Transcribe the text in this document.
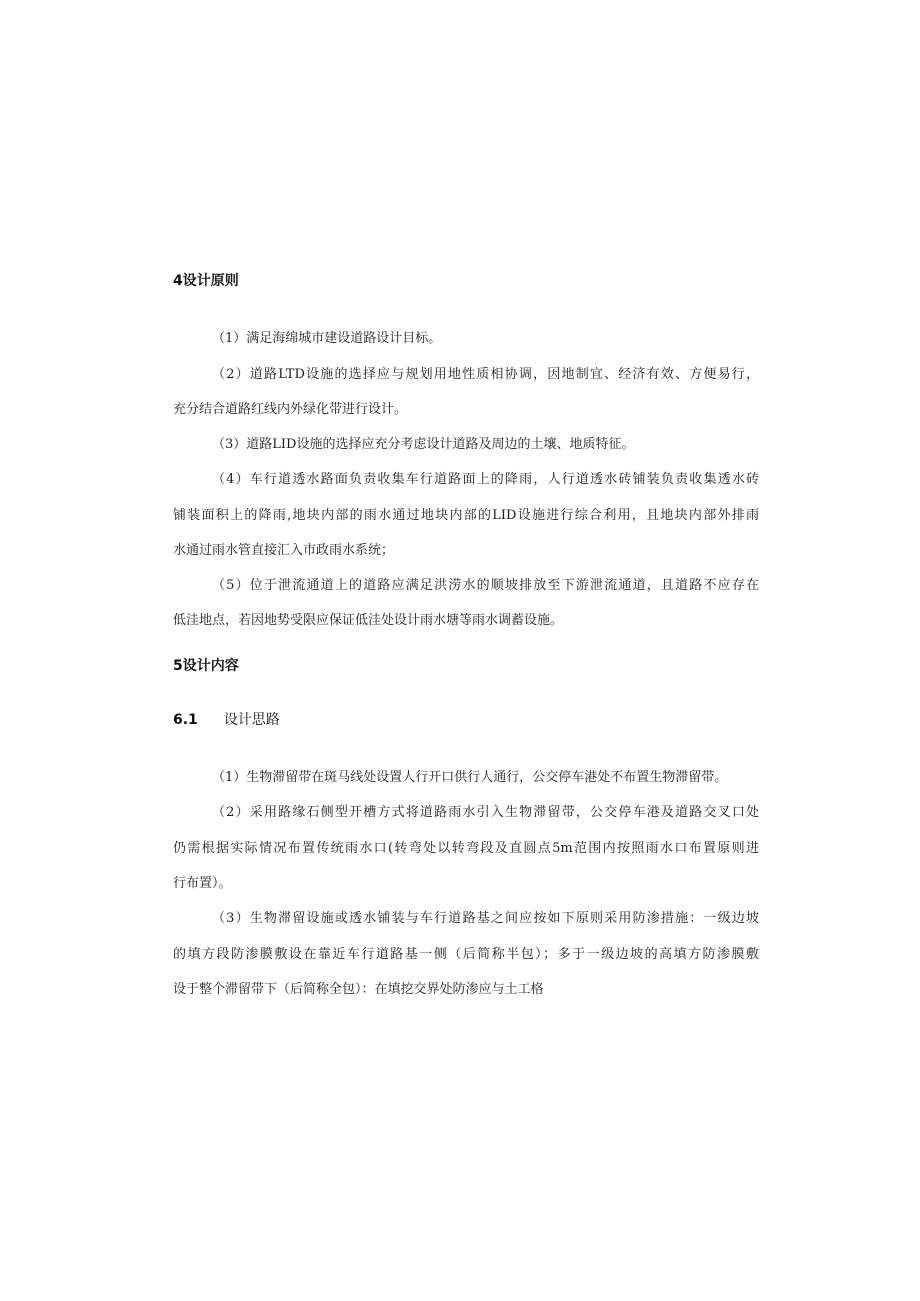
4设计原则
（1）满足海绵城市建设道路设计目标。
（2）道路LTD设施的选择应与规划用地性质相协调，因地制宜、经济有效、方便易行，
充分结合道路红线内外绿化带进行设计。
（3）道路LID设施的选择应充分考虑设计道路及周边的土壤、地质特征。
（4）车行道透水路面负责收集车行道路面上的降雨，人行道透水砖铺装负责收集透水砖
铺装面积上的降雨,地块内部的雨水通过地块内部的LID设施进行综合利用，且地块内部外排雨
水通过雨水管直接汇入市政雨水系统；
（5）位于泄流通道上的道路应满足洪涝水的顺坡排放至下游泄流通道，且道路不应存在
低洼地点，若因地势受限应保证低洼处设计雨水塘等雨水调蓄设施。
5设计内容
6.1 设计思路
（1）生物滞留带在斑马线处设置人行开口供行人通行，公交停车港处不布置生物滞留带。
（2）采用路缘石侧型开槽方式将道路雨水引入生物滞留带，公交停车港及道路交叉口处
仍需根据实际情况布置传统雨水口(转弯处以转弯段及直圆点5m范围内按照雨水口布置原则进
行布置）。
（3）生物滞留设施或透水铺装与车行道路基之间应按如下原则采用防渗措施：一级边坡
的填方段防渗膜敷设在靠近车行道路基一侧（后简称半包）；多于一级边坡的高填方防渗膜敷
设于整个滞留带下（后简称全包）：在填挖交界处防渗应与土工格
